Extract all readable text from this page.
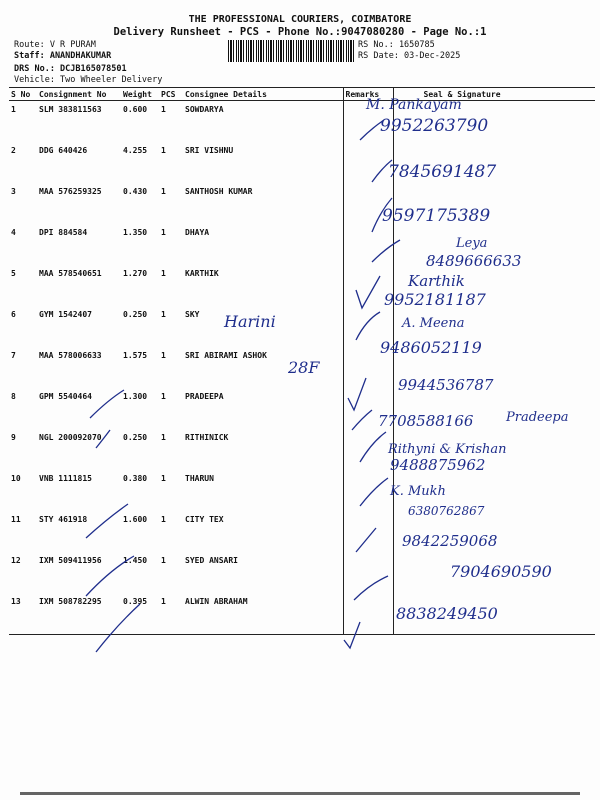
THE PROFESSIONAL COURIERS, COIMBATORE
Delivery Runsheet - PCS - Phone No.:9047080280 - Page No.:1
Route: V R PURAM
Staff: ANANDHAKUMAR
DRS No.: DCJB165078501
Vehicle: Two Wheeler Delivery
RS No.: 1650785
RS Date: 03-Dec-2025
S No	Consignment No	Weight	PCS	Consignee Details	Remarks	Seal & Signature
1	SLM 383811563	0.600	1	SOWDARYA		
2	DDG 640426	4.255	1	SRI VISHNU		
3	MAA 576259325	0.430	1	SANTHOSH KUMAR		
4	DPI 884584	1.350	1	DHAYA		
5	MAA 578540651	1.270	1	KARTHIK		
6	GYM 1542407	0.250	1	SKY		
7	MAA 578006633	1.575	1	SRI ABIRAMI ASHOK		
8	GPM 5540464	1.300	1	PRADEEPA		
9	NGL 200092070	0.250	1	RITHINICK		
10	VNB 1111815	0.380	1	THARUN		
11	STY 461918	1.600	1	CITY TEX		
12	IXM 509411956	1.450	1	SYED ANSARI		
13	IXM 508782295	0.395	1	ALWIN ABRAHAM		
M. Pankayam
9952263790
7845691487
9597175389
Leya
8489666633
Karthik
9952181187
Harini	A. Meena
9486052119
28F
9944536787
7708588166	Pradeepa
Rithyni & Krishan
9488875962
K. Mukh
6380762867
9842259068
7904690590
8838249450
